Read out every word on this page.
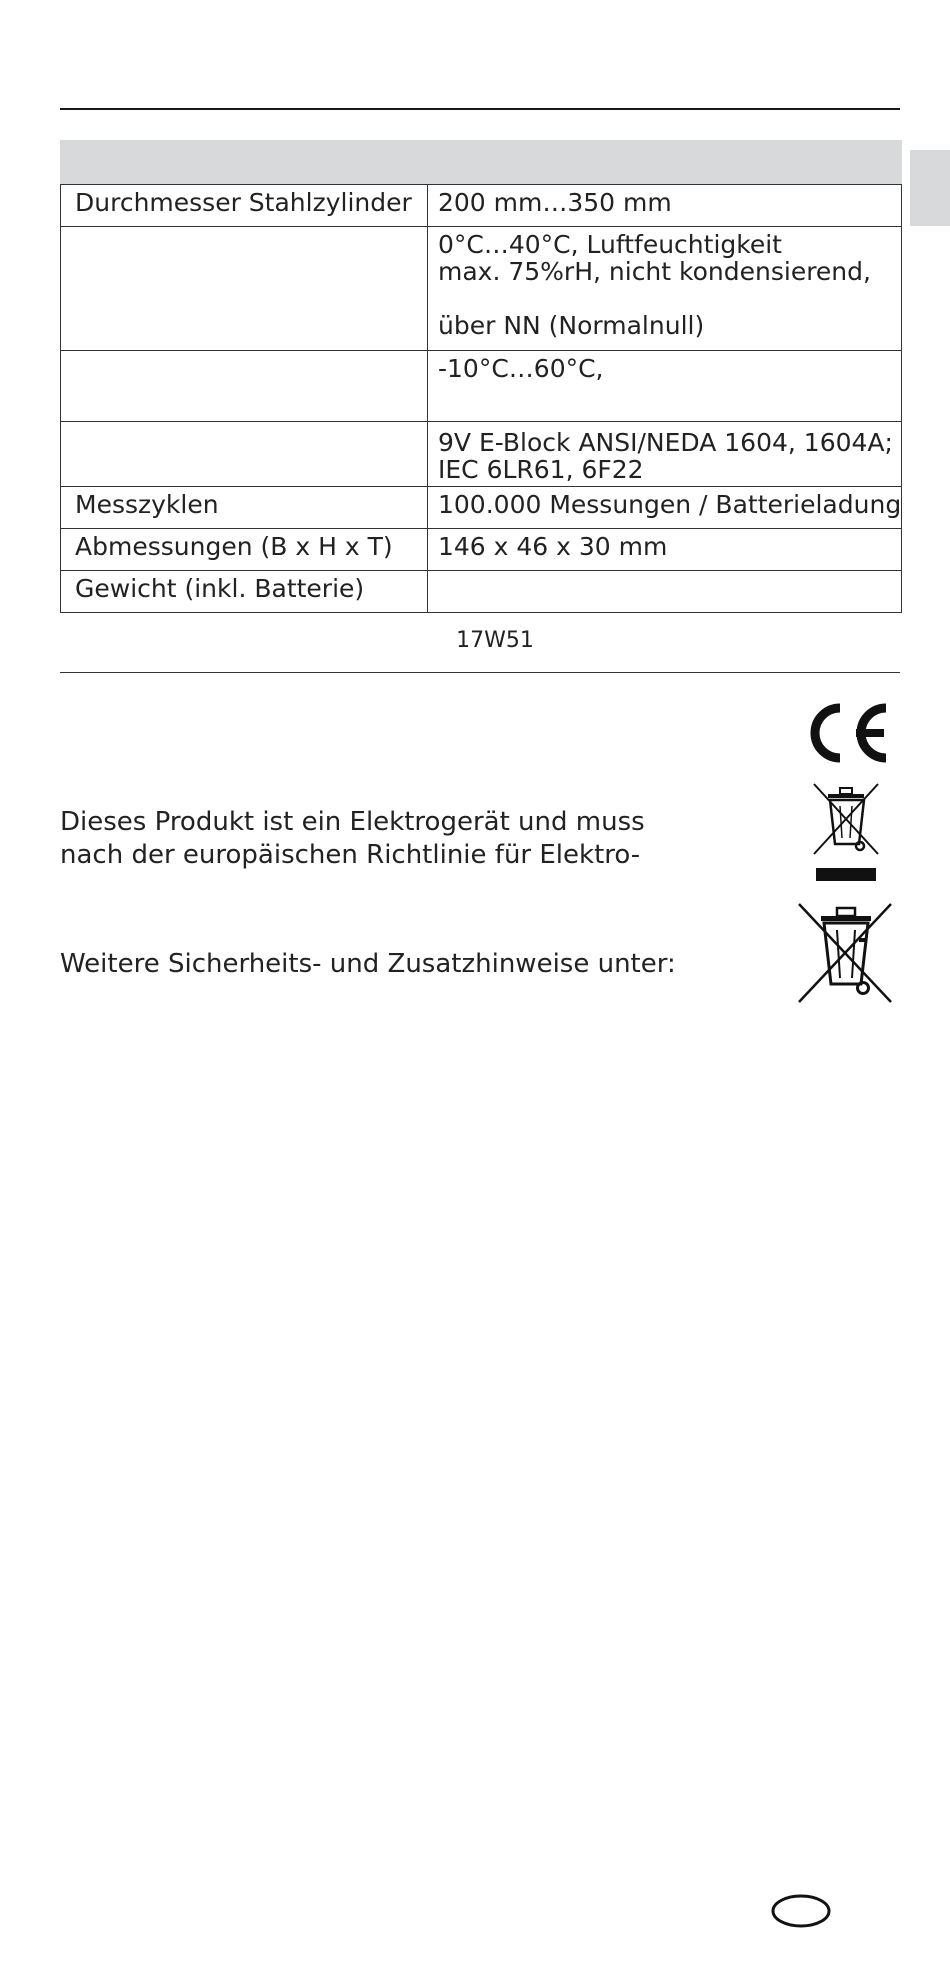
Durchmesser Stahlzylinder	200 mm…350 mm

	0°C…40°C, Luftfeuchtigkeit
max. 75%rH, nicht kondensierend,
über NN (Normalnull)

	-10°C…60°C,

	9V E-Block ANSI/NEDA 1604, 1604A;
IEC 6LR61, 6F22

Messzyklen	100.000 Messungen / Batterieladung

Abmessungen (B x H x T)	146 x 46 x 30 mm

Gewicht (inkl. Batterie)	
17W51
Dieses Produkt ist ein Elektrogerät und muss
nach der europäischen Richtlinie für Elektro-
Weitere Sicherheits- und Zusatzhinweise unter:
